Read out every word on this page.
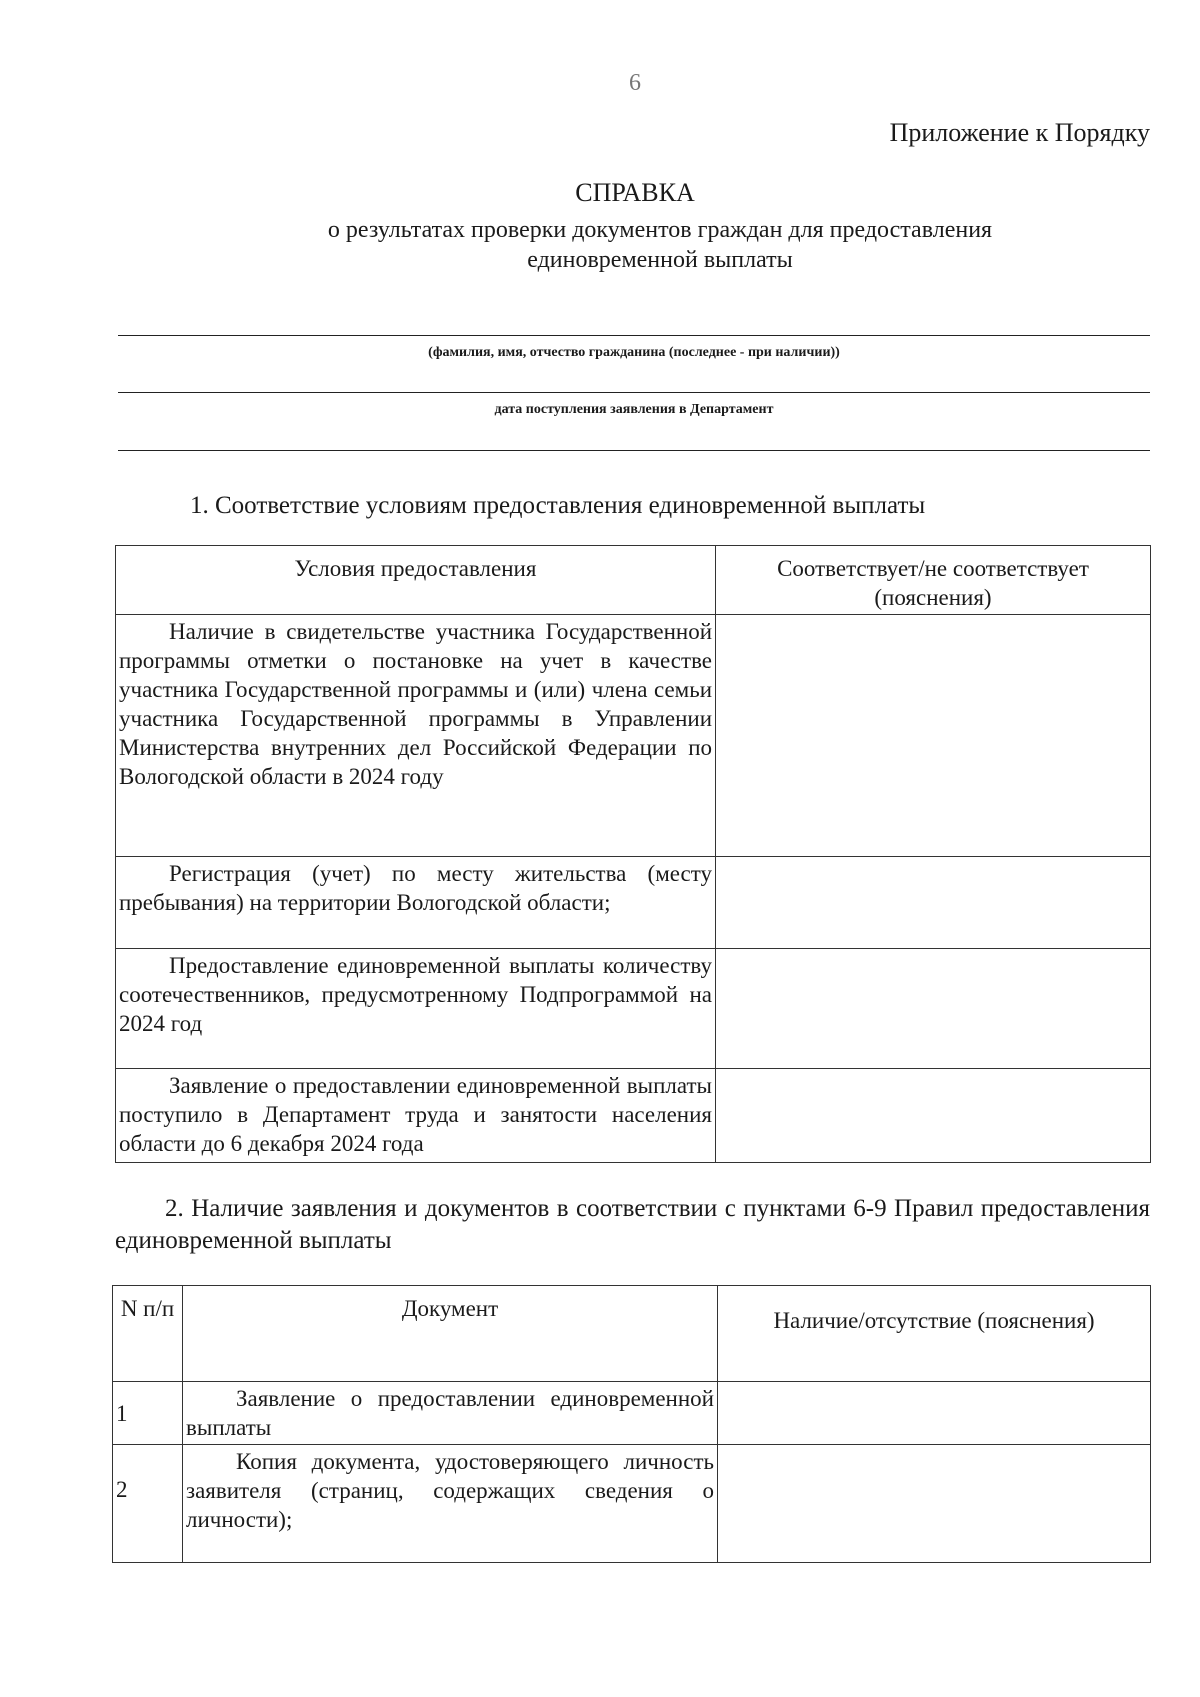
6
Приложение к Порядку
СПРАВКА
о результатах проверки документов граждан для предоставления единовременной выплаты
(фамилия, имя, отчество гражданина (последнее - при наличии))
дата поступления заявления в Департамент
1. Соответствие условиям предоставления единовременной выплаты
Условия предоставления	Соответствует/не соответствует (пояснения)
Наличие в свидетельстве участника Государственной программы отметки о постановке на учет в качестве участника Государственной программы и (или) члена семьи участника Государственной программы в Управлении Министерства внутренних дел Российской Федерации по Вологодской области в 2024 году	
Регистрация (учет) по месту жительства (месту пребывания) на территории Вологодской области;	
Предоставление единовременной выплаты количеству соотечественников, предусмотренному Подпрограммой на 2024 год	
Заявление о предоставлении единовременной выплаты поступило в Департамент труда и занятости населения области до 6 декабря 2024 года	
2. Наличие заявления и документов в соответствии с пунктами 6-9 Правил предоставления единовременной выплаты
N п/п	Документ	Наличие/отсутствие (пояснения)
1	Заявление о предоставлении единовременной выплаты	
2	Копия документа, удостоверяющего личность заявителя (страниц, содержащих сведения о личности);	
